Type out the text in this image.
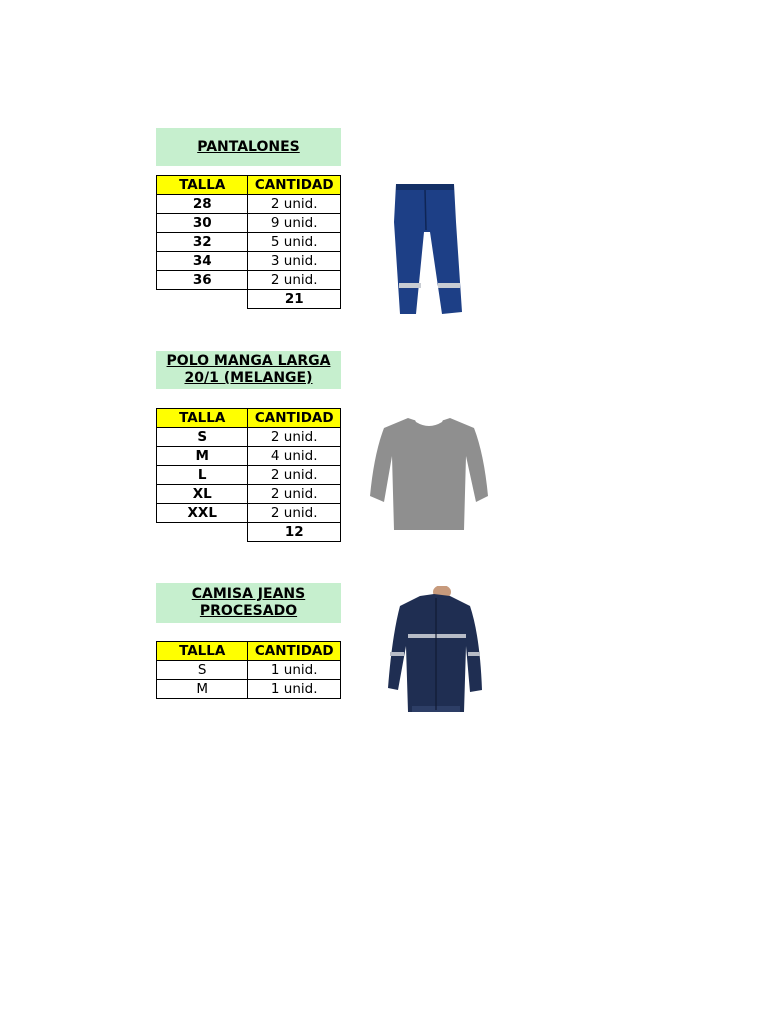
PANTALONES
TALLA	CANTIDAD
28	2 unid.
30	9 unid.
32	5 unid.
34	3 unid.
36	2 unid.
	21
POLO MANGA LARGA
20/1 (MELANGE)
TALLA	CANTIDAD
S	2 unid.
M	4 unid.
L	2 unid.
XL	2 unid.
XXL	2 unid.
	12
CAMISA JEANS
PROCESADO
TALLA	CANTIDAD
S	1 unid.
M	1 unid.
